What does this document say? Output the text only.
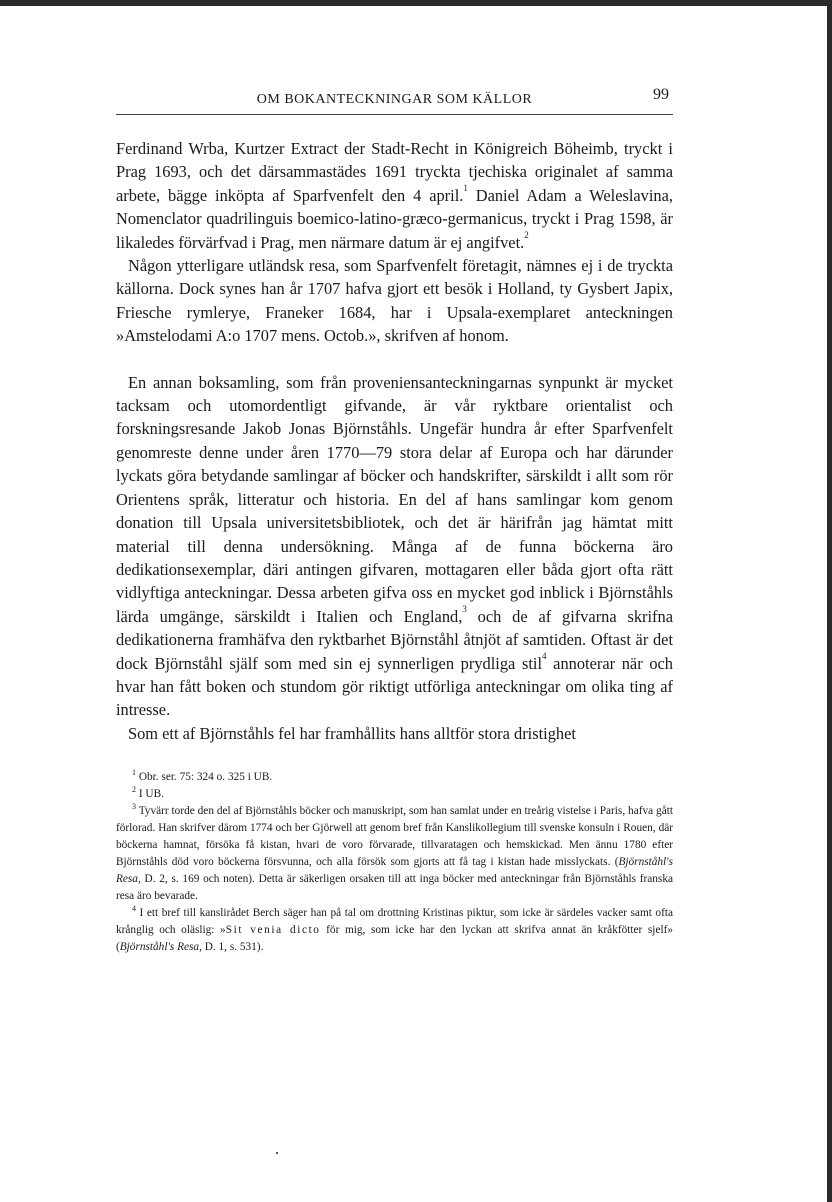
OM BOKANTECKNINGAR SOM KÄLLOR	99

Ferdinand Wrba, Kurtzer Extract der Stadt-Recht in Königreich Böheimb, tryckt i Prag 1693, och det därsammastädes 1691 tryckta tjechiska originalet af samma arbete, bägge inköpta af Sparfvenfelt den 4 april.$^1$ Daniel Adam a Weleslavina, Nomenclator quadrilinguis boemico-latino-græco-germanicus, tryckt i Prag 1598, är likaledes förvärfvad i Prag, men närmare datum är ej angifvet.$^2$

Någon ytterligare utländsk resa, som Sparfvenfelt företagit, nämnes ej i de tryckta källorna. Dock synes han år 1707 hafva gjort ett besök i Holland, ty Gysbert Japix, Friesche rymlerye, Franeker 1684, har i Upsala-exemplaret anteckningen »Amstelodami A:o 1707 mens. Octob.», skrifven af honom.

En annan boksamling, som från proveniensanteckningarnas synpunkt är mycket tacksam och utomordentligt gifvande, är vår ryktbare orientalist och forskningsresande Jakob Jonas Björnståhls. Ungefär hundra år efter Sparfvenfelt genomreste denne under åren 1770—79 stora delar af Europa och har därunder lyckats göra betydande samlingar af böcker och handskrifter, särskildt i allt som rör Orientens språk, litteratur och historia. En del af hans samlingar kom genom donation till Upsala universitetsbibliotek, och det är härifrån jag hämtat mitt material till denna undersökning. Många af de funna böckerna äro dedikationsexemplar, däri antingen gifvaren, mottagaren eller båda gjort ofta rätt vidlyftiga anteckningar. Dessa arbeten gifva oss en mycket god inblick i Björnståhls lärda umgänge, särskildt i Italien och England,$^3$ och de af gifvarna skrifna dedikationerna framhäfva den ryktbarhet Björnståhl åtnjöt af samtiden. Oftast är det dock Björnståhl själf som med sin ej synnerligen prydliga stil$^4$ annoterar när och hvar han fått boken och stundom gör riktigt utförliga anteckningar om olika ting af intresse.

Som ett af Björnståhls fel har framhållits hans alltför stora dristighet

$^1$ Obr. ser. 75: 324 o. 325 i UB.

$^2$ I UB.

$^3$ Tyvärr torde den del af Björnståhls böcker och manuskript, som han samlat under en treårig vistelse i Paris, hafva gått förlorad. Han skrifver därom 1774 och ber Gjörwell att genom bref från Kanslikollegium till svenske konsuln i Rouen, där böckerna hamnat, försöka få kistan, hvari de voro förvarade, tillvaratagen och hemskickad. Men ännu 1780 efter Björnståhls död voro böckerna försvunna, och alla försök som gjorts att få tag i kistan hade misslyckats. (Björnståhl's Resa, D. 2, s. 169 och noten). Detta är säkerligen orsaken till att inga böcker med anteckningar från Björnståhls franska resa äro bevarade.

$^4$ I ett bref till kanslirådet Berch säger han på tal om drottning Kristinas piktur, som icke är särdeles vacker samt ofta krånglig och oläslig: »Sit venia dicto för mig, som icke har den lyckan att skrifva annat än kråkfötter sjelf» (Björnståhl's Resa, D. 1, s. 531).
